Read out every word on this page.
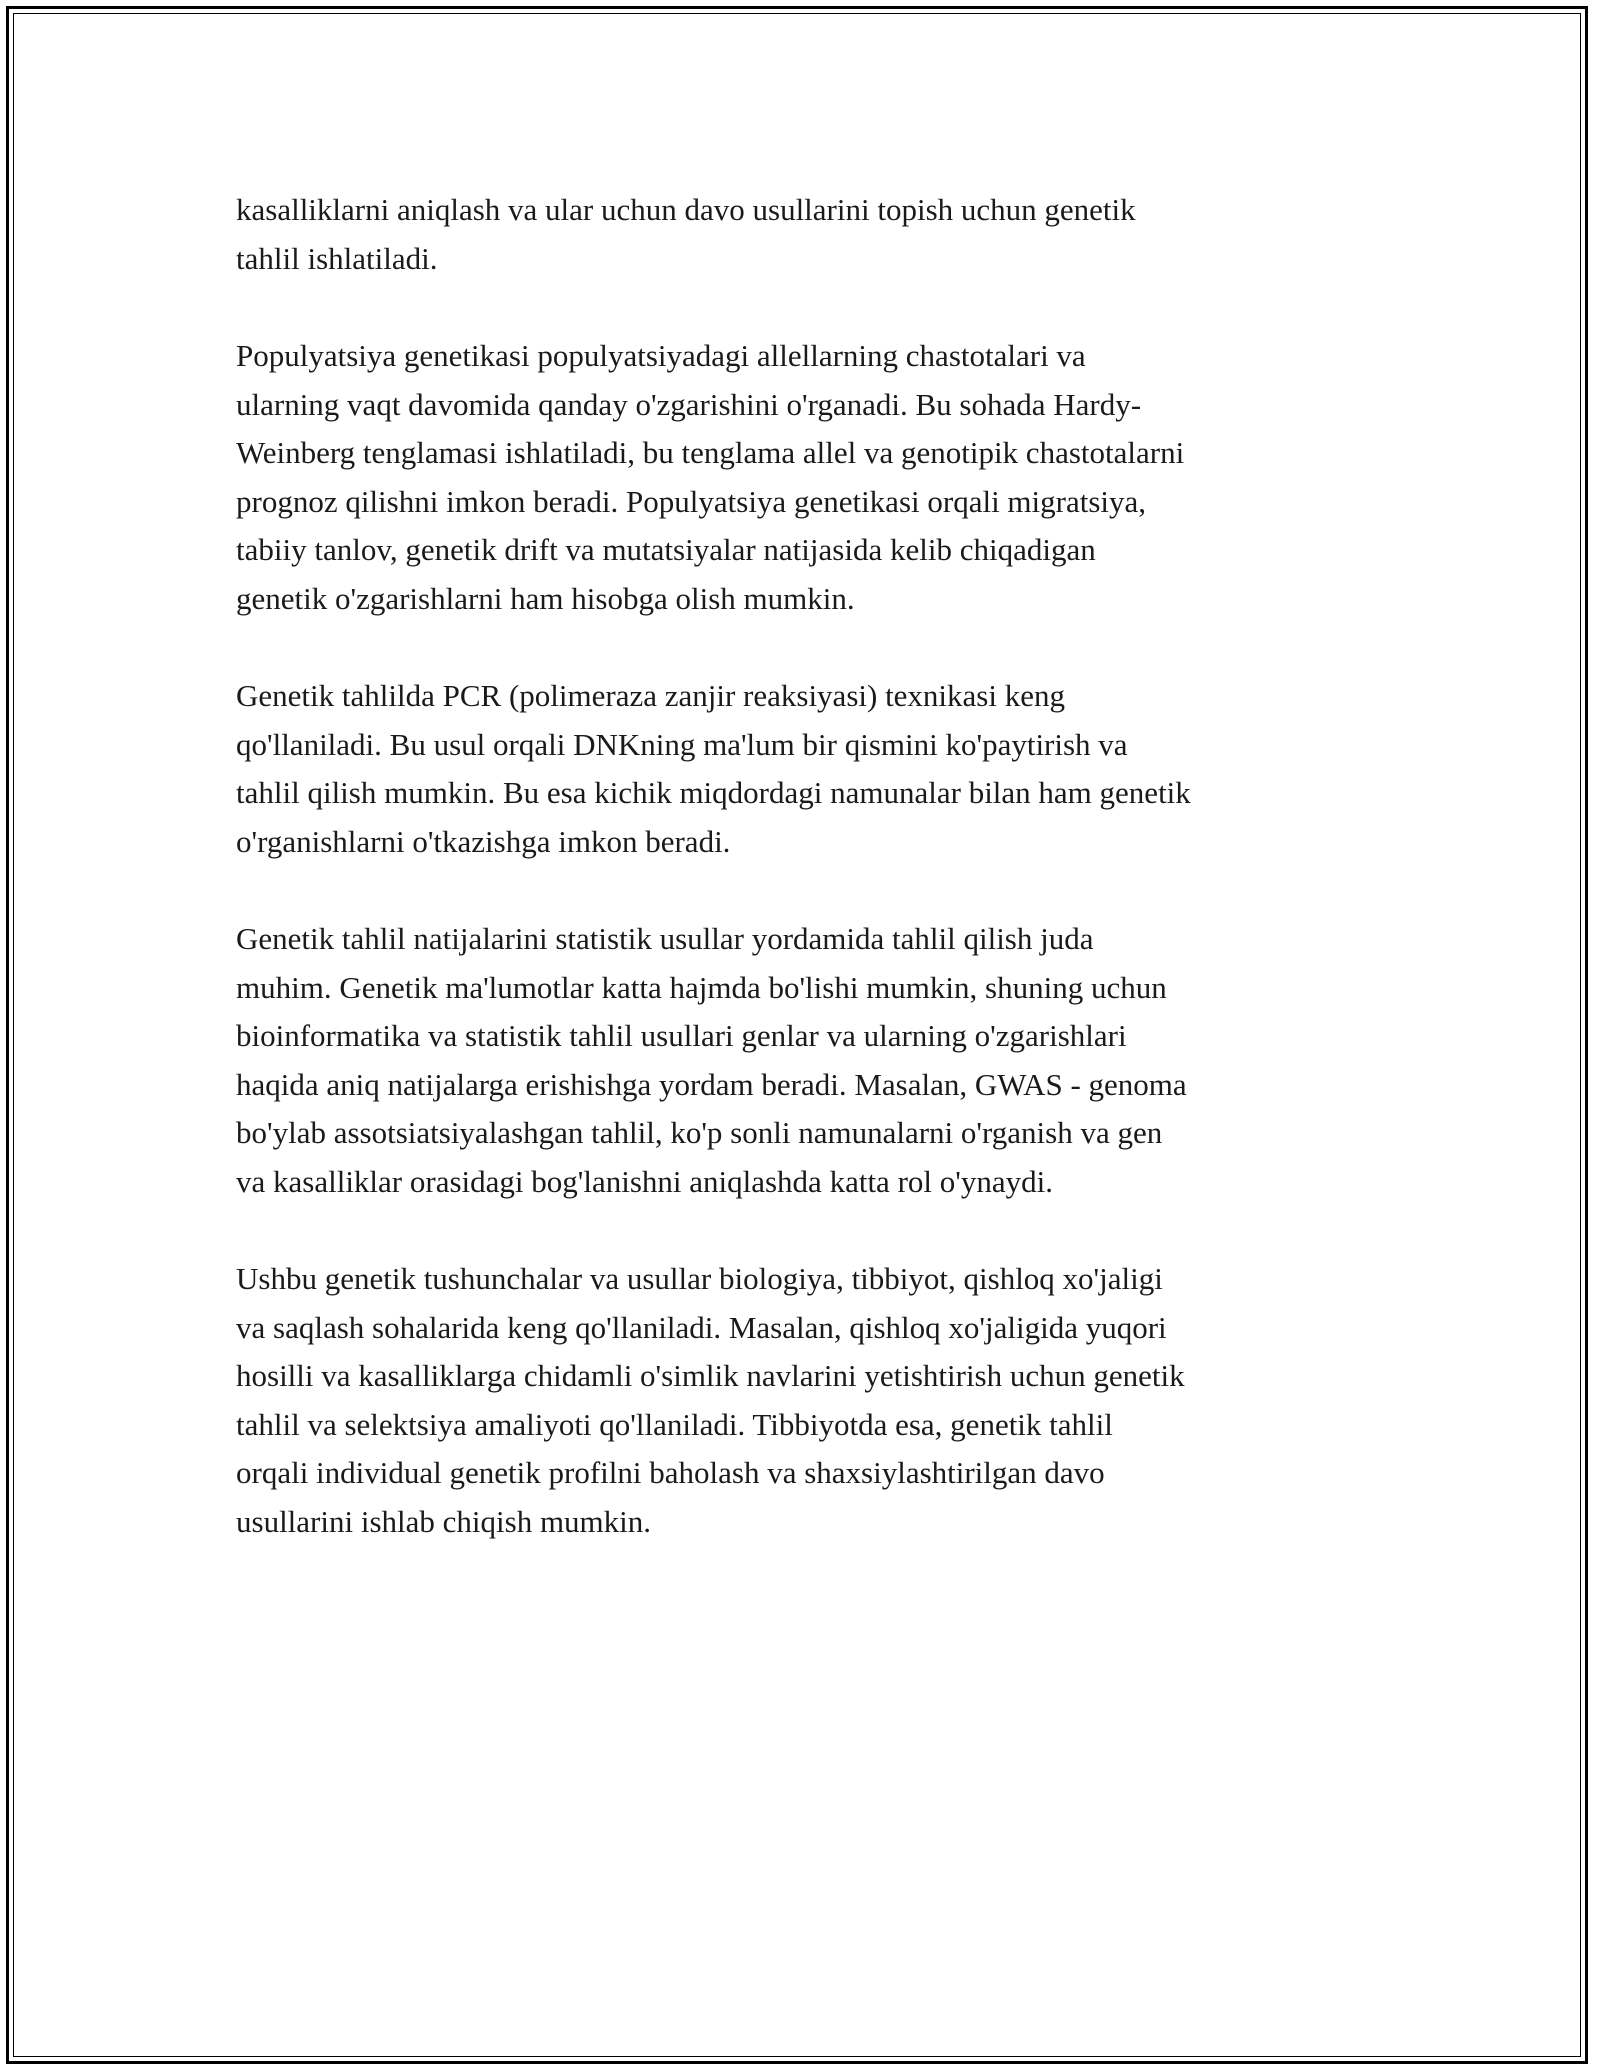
kasalliklarni aniqlash va ular uchun davo usullarini topish uchun genetik
tahlil ishlatiladi.

Populyatsiya genetikasi populyatsiyadagi allellarning chastotalari va
ularning vaqt davomida qanday o'zgarishini o'rganadi. Bu sohada Hardy-
Weinberg tenglamasi ishlatiladi, bu tenglama allel va genotipik chastotalarni
prognoz qilishni imkon beradi. Populyatsiya genetikasi orqali migratsiya,
tabiiy tanlov, genetik drift va mutatsiyalar natijasida kelib chiqadigan
genetik o'zgarishlarni ham hisobga olish mumkin.

Genetik tahlilda PCR (polimeraza zanjir reaksiyasi) texnikasi keng
qo'llaniladi. Bu usul orqali DNKning ma'lum bir qismini ko'paytirish va
tahlil qilish mumkin. Bu esa kichik miqdordagi namunalar bilan ham genetik
o'rganishlarni o'tkazishga imkon beradi.

Genetik tahlil natijalarini statistik usullar yordamida tahlil qilish juda
muhim. Genetik ma'lumotlar katta hajmda bo'lishi mumkin, shuning uchun
bioinformatika va statistik tahlil usullari genlar va ularning o'zgarishlari
haqida aniq natijalarga erishishga yordam beradi. Masalan, GWAS - genoma
bo'ylab assotsiatsiyalashgan tahlil, ko'p sonli namunalarni o'rganish va gen
va kasalliklar orasidagi bog'lanishni aniqlashda katta rol o'ynaydi.

Ushbu genetik tushunchalar va usullar biologiya, tibbiyot, qishloq xo'jaligi
va saqlash sohalarida keng qo'llaniladi. Masalan, qishloq xo'jaligida yuqori
hosilli va kasalliklarga chidamli o'simlik navlarini yetishtirish uchun genetik
tahlil va selektsiya amaliyoti qo'llaniladi. Tibbiyotda esa, genetik tahlil
orqali individual genetik profilni baholash va shaxsiylashtirilgan davo
usullarini ishlab chiqish mumkin.
